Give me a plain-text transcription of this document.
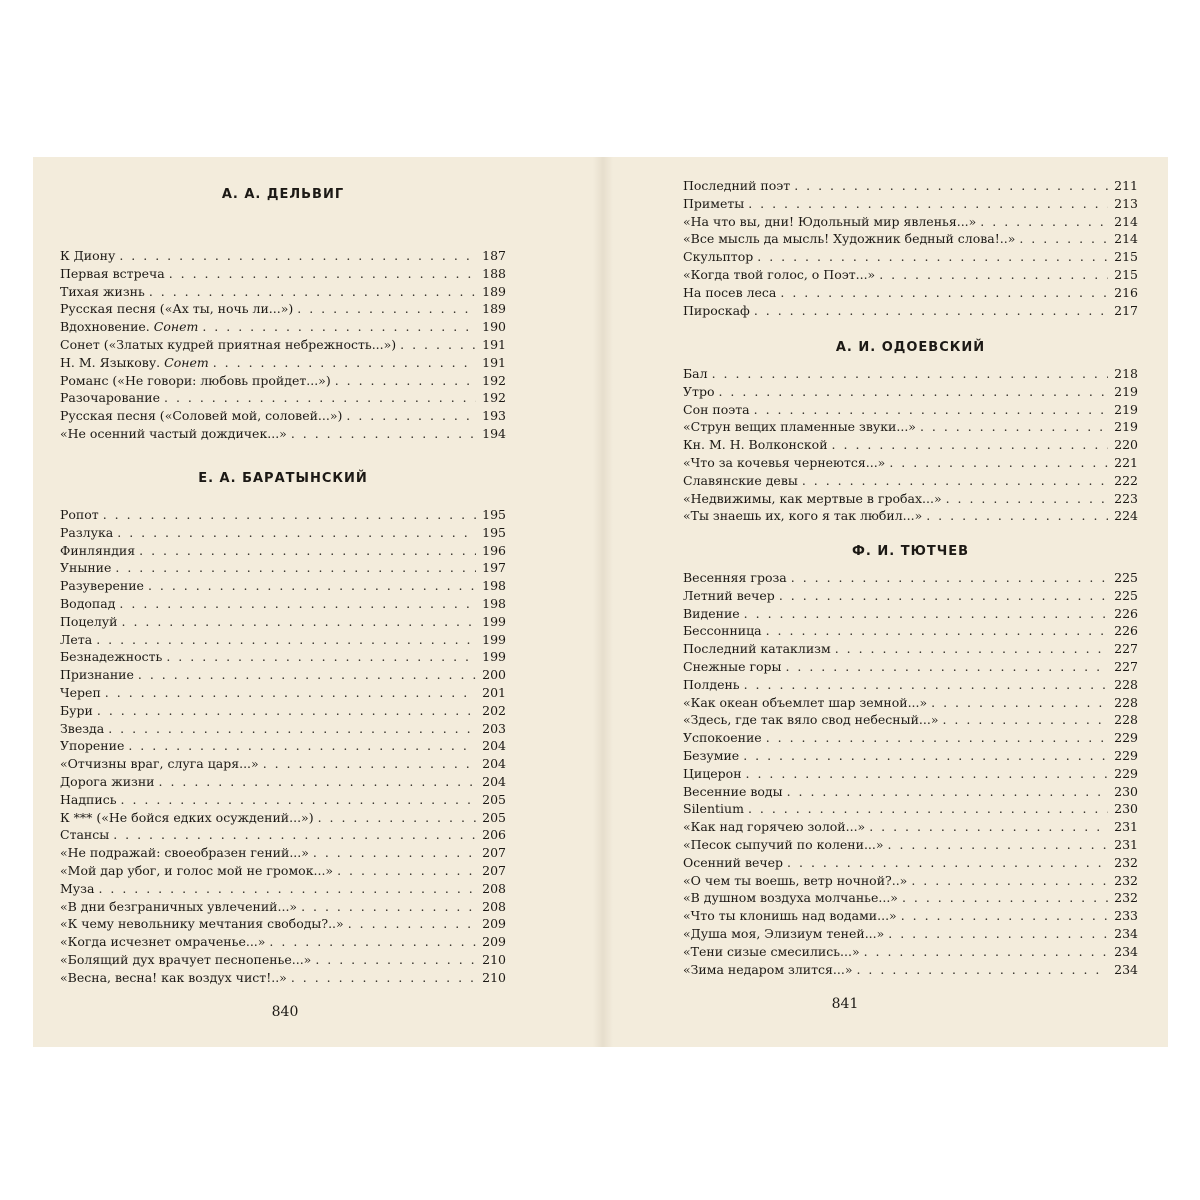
А. А. ДЕЛЬВИГ
К Диону . . .	187
Первая встреча . . .	188
Тихая жизнь . . .	189
Русская песня («Ах ты, ночь ли...») . . .	189
Вдохновение. Сонет . . .	190
Сонет («Златых кудрей приятная небрежность...») . . .	191
Н. М. Языкову. Сонет . . .	191
Романс («Не говори: любовь пройдет...») . . .	192
Разочарование . . .	192
Русская песня («Соловей мой, соловей...») . . .	193
«Не осенний частый дождичек...» . . .	194
Е. А. БАРАТЫНСКИЙ
Ропот . . .	195
Разлука . . .	195
Финляндия . . .	196
Уныние . . .	197
Разуверение . . .	198
Водопад . . .	198
Поцелуй . . .	199
Лета . . .	199
Безнадежность . . .	199
Признание . . .	200
Череп . . .	201
Бури . . .	202
Звезда . . .	203
Упорение . . .	204
«Отчизны враг, слуга царя...» . . .	204
Дорога жизни . . .	204
Надпись . . .	205
К *** («Не бойся едких осуждений...») . . .	205
Стансы . . .	206
«Не подражай: своеобразен гений...» . . .	207
«Мой дар убог, и голос мой не громок...» . . .	207
Муза . . .	208
«В дни безграничных увлечений...» . . .	208
«К чему невольнику мечтания свободы?..» . . .	209
«Когда исчезнет омраченье...» . . .	209
«Болящий дух врачует песнопенье...» . . .	210
«Весна, весна! как воздух чист!..» . . .	210
840
Последний поэт . . .	211
Приметы . . .	213
«На что вы, дни! Юдольный мир явленья...» . . .	214
«Все мысль да мысль! Художник бедный слова!..» . . .	214
Скульптор . . .	215
«Когда твой голос, о Поэт...» . . .	215
На посев леса . . .	216
Пироскаф . . .	217
А. И. ОДОЕВСКИЙ
Бал . . .	218
Утро . . .	219
Сон поэта . . .	219
«Струн вещих пламенные звуки...» . . .	219
Кн. М. Н. Волконской . . .	220
«Что за кочевья чернеются...» . . .	221
Славянские девы . . .	222
«Недвижимы, как мертвые в гробах...» . . .	223
«Ты знаешь их, кого я так любил...» . . .	224
Ф. И. ТЮТЧЕВ
Весенняя гроза . . .	225
Летний вечер . . .	225
Видение . . .	226
Бессонница . . .	226
Последний катаклизм . . .	227
Снежные горы . . .	227
Полдень . . .	228
«Как океан объемлет шар земной...» . . .	228
«Здесь, где так вяло свод небесный...» . . .	228
Успокоение . . .	229
Безумие . . .	229
Цицерон . . .	229
Весенние воды . . .	230
Silentium . . .	230
«Как над горячею золой...» . . .	231
«Песок сыпучий по колени...» . . .	231
Осенний вечер . . .	232
«О чем ты воешь, ветр ночной?..» . . .	232
«В душном воздуха молчанье...» . . .	232
«Что ты клонишь над водами...» . . .	233
«Душа моя, Элизиум теней...» . . .	234
«Тени сизые смесились...» . . .	234
«Зима недаром злится...» . . .	234
841
